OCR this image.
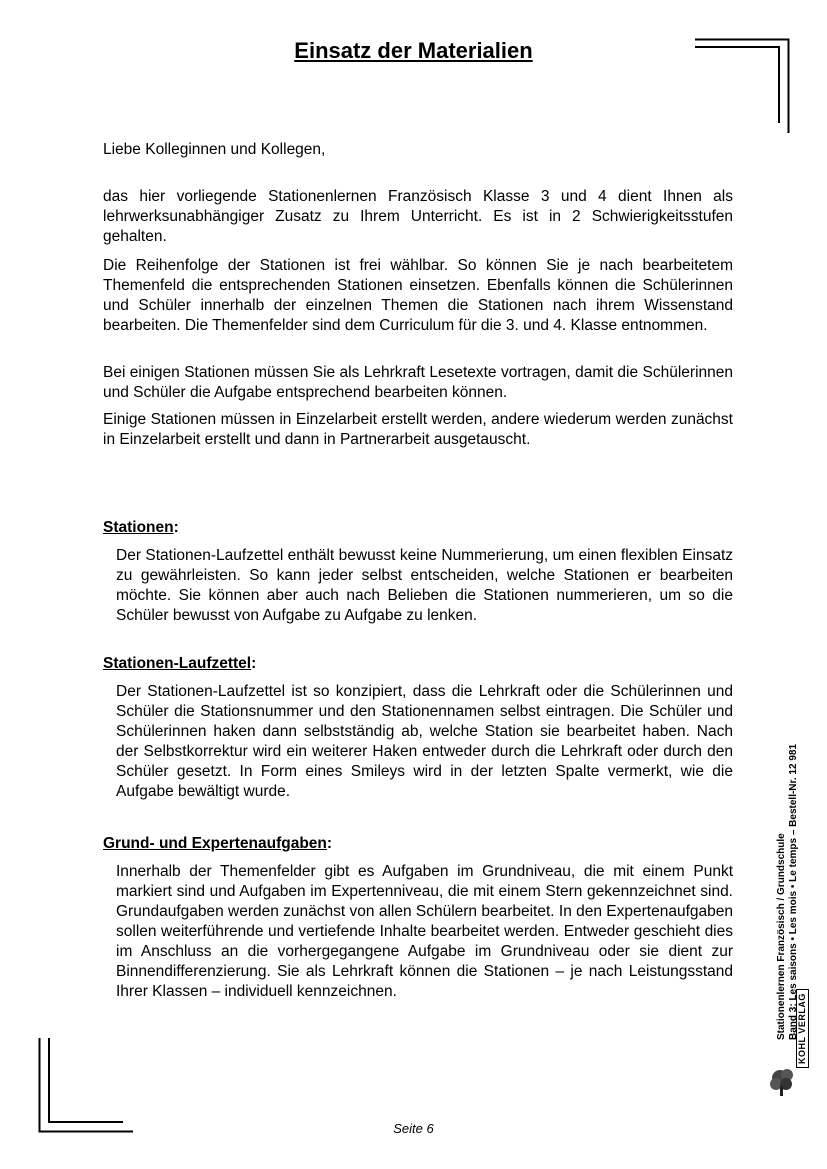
Einsatz der Materialien

Liebe Kolleginnen und Kollegen,

das hier vorliegende Stationenlernen Französisch Klasse 3 und 4 dient Ihnen als lehrwerksunabhängiger Zusatz zu Ihrem Unterricht. Es ist in 2 Schwierigkeitsstufen gehalten.

Die Reihenfolge der Stationen ist frei wählbar. So können Sie je nach bearbeitetem Themenfeld die entsprechenden Stationen einsetzen. Ebenfalls können die Schülerinnen und Schüler innerhalb der einzelnen Themen die Stationen nach ihrem Wissenstand bearbeiten. Die Themenfelder sind dem Curriculum für die 3. und 4. Klasse entnommen.

Bei einigen Stationen müssen Sie als Lehrkraft Lesetexte vortragen, damit die Schülerinnen und Schüler die Aufgabe entsprechend bearbeiten können.

Einige Stationen müssen in Einzelarbeit erstellt werden, andere wiederum werden zunächst in Einzelarbeit erstellt und dann in Partnerarbeit ausgetauscht.

Stationen:

Der Stationen-Laufzettel enthält bewusst keine Nummerierung, um einen flexiblen Einsatz zu gewährleisten. So kann jeder selbst entscheiden, welche Stationen er bearbeiten möchte. Sie können aber auch nach Belieben die Stationen nummerieren, um so die Schüler bewusst von Aufgabe zu Aufgabe zu lenken.

Stationen-Laufzettel:

Der Stationen-Laufzettel ist so konzipiert, dass die Lehrkraft oder die Schülerinnen und Schüler die Stationsnummer und den Stationennamen selbst eintragen. Die Schüler und Schülerinnen haken dann selbstständig ab, welche Station sie bearbeitet haben. Nach der Selbstkorrektur wird ein weiterer Haken entweder durch die Lehrkraft oder durch den Schüler gesetzt. In Form eines Smileys wird in der letzten Spalte vermerkt, wie die Aufgabe bewältigt wurde.

Grund- und Expertenaufgaben:

Innerhalb der Themenfelder gibt es Aufgaben im Grundniveau, die mit einem Punkt markiert sind und Aufgaben im Expertenniveau, die mit einem Stern gekennzeichnet sind. Grundaufgaben werden zunächst von allen Schülern bearbeitet. In den Expertenaufgaben sollen weiterführende und vertiefende Inhalte bearbeitet werden. Entweder geschieht dies im Anschluss an die vorhergegangene Aufgabe im Grundniveau oder sie dient zur Binnendifferenzierung. Sie als Lehrkraft können die Stationen – je nach Leistungsstand Ihrer Klassen – individuell kennzeichnen.	Stationenlernen Französisch / Grundschule Band 3: Les saisons • Les mois • Le temps – Bestell-Nr. 12 981
KOHL VERLAG
Seite 6
